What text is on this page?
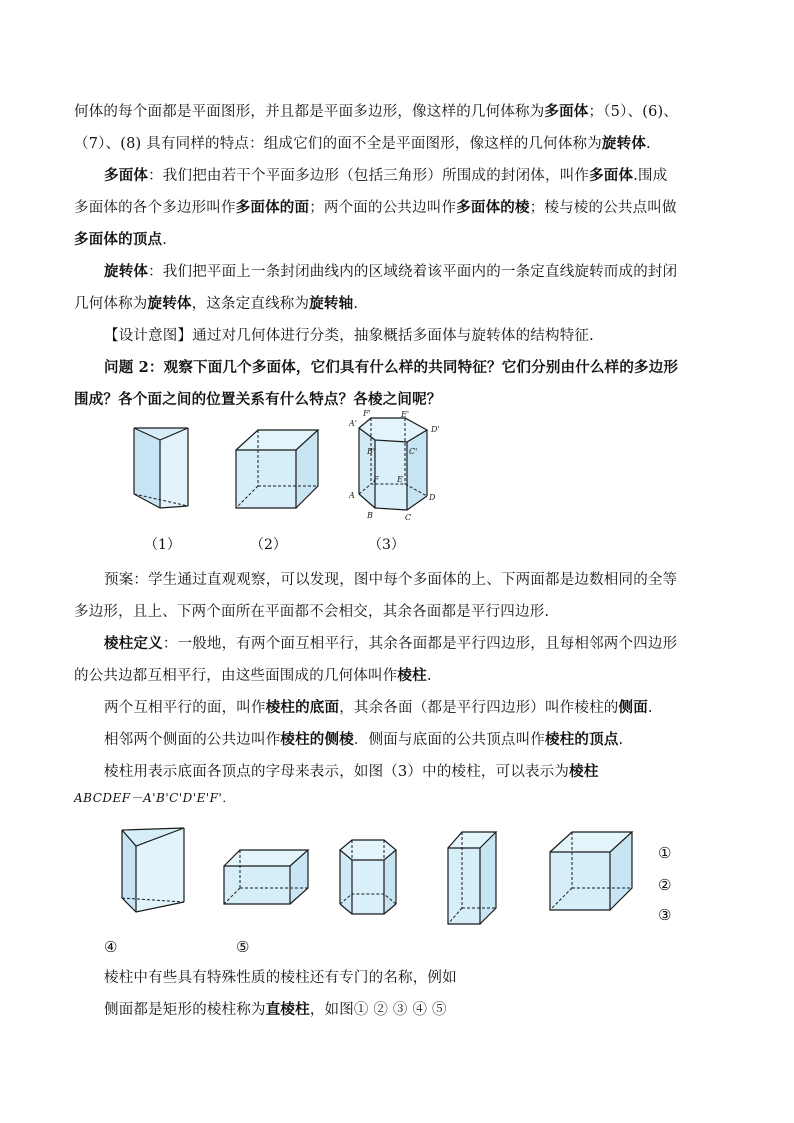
何体的每个面都是平面图形，并且都是平面多边形，像这样的几何体称为多面体；（5）、(6)、
（7）、(8) 具有同样的特点：组成它们的面不全是平面图形，像这样的几何体称为旋转体.
多面体：我们把由若干个平面多边形（包括三角形）所围成的封闭体，叫作多面体.围成
多面体的各个多边形叫作多面体的面；两个面的公共边叫作多面体的棱；棱与棱的公共点叫做
多面体的顶点.
旋转体：我们把平面上一条封闭曲线内的区域绕着该平面内的一条定直线旋转而成的封闭
几何体称为旋转体，这条定直线称为旋转轴.
【设计意图】通过对几何体进行分类，抽象概括多面体与旋转体的结构特征.
问题 2：观察下面几个多面体，它们具有什么样的共同特征？它们分别由什么样的多边形
围成？各个面之间的位置关系有什么特点？各棱之间呢？
A'
B'	C'
D'
E'
F'
A
B	C
D
E
F
（1）	（2）	（3）
预案：学生通过直观观察，可以发现，图中每个多面体的上、下两面都是边数相同的全等
多边形，且上、下两个面所在平面都不会相交，其余各面都是平行四边形.
棱柱定义：一般地，有两个面互相平行，其余各面都是平行四边形，且每相邻两个四边形
的公共边都互相平行，由这些面围成的几何体叫作棱柱.
两个互相平行的面，叫作棱柱的底面，其余各面（都是平行四边形）叫作棱柱的侧面.
相邻两个侧面的公共边叫作棱柱的侧棱．侧面与底面的公共顶点叫作棱柱的顶点.
棱柱用表示底面各顶点的字母来表示，如图（3）中的棱柱，可以表示为棱柱
ABCDEF－A'B'C'D'E'F'．
①
②
③
④	⑤
棱柱中有些具有特殊性质的棱柱还有专门的名称，例如
侧面都是矩形的棱柱称为直棱柱，如图① ② ③ ④ ⑤
